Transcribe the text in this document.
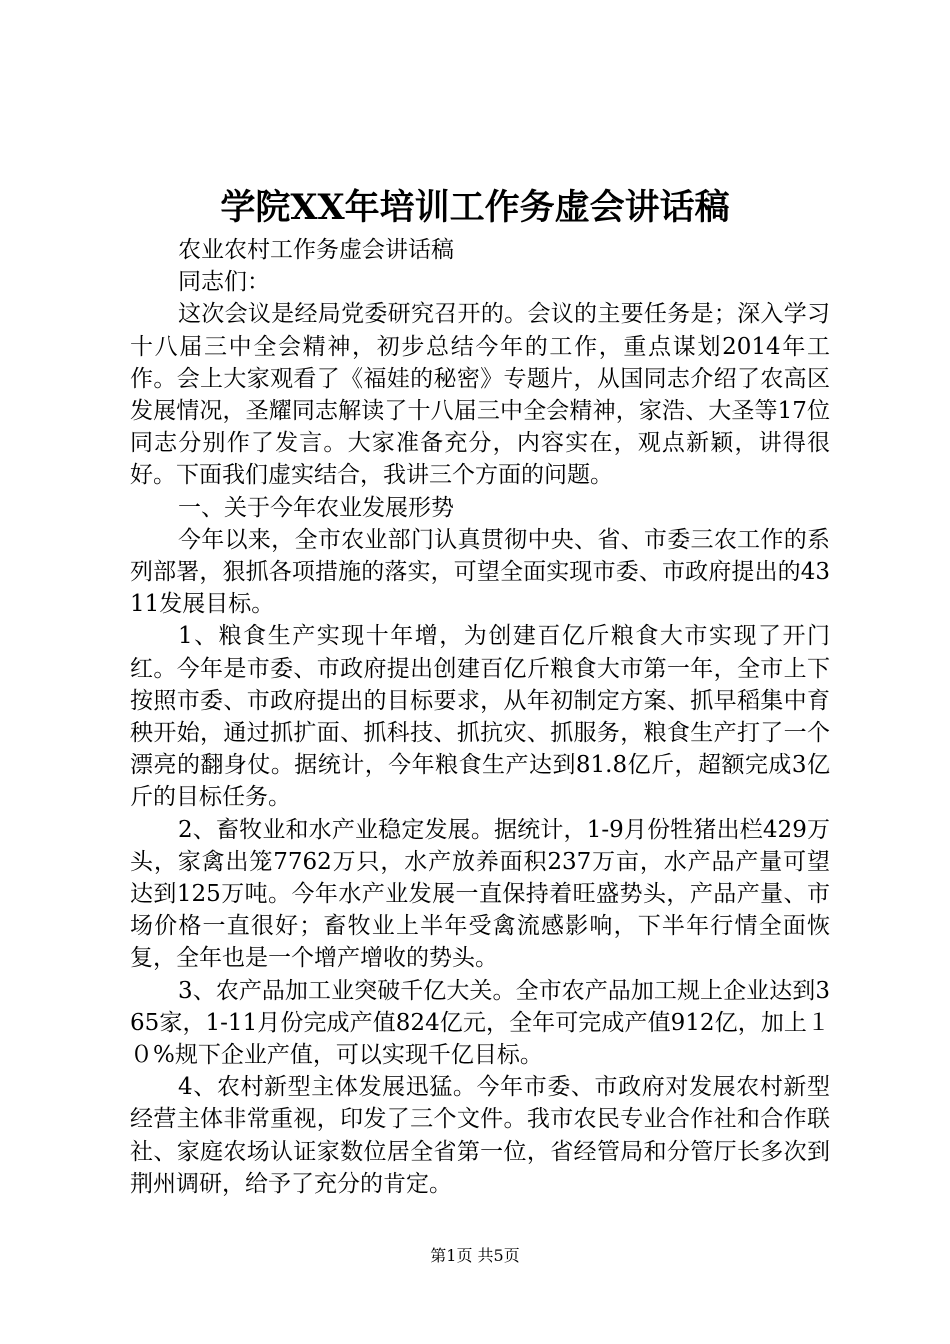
学院XX年培训工作务虚会讲话稿

农业农村工作务虚会讲话稿

同志们：

这次会议是经局党委研究召开的。会议的主要任务是；深入学习十八届三中全会精神，初步总结今年的工作，重点谋划2014年工作。会上大家观看了《福娃的秘密》专题片，从国同志介绍了农高区发展情况，圣耀同志解读了十八届三中全会精神，家浩、大圣等17位同志分别作了发言。大家准备充分，内容实在，观点新颖，讲得很好。下面我们虚实结合，我讲三个方面的问题。

一、关于今年农业发展形势

今年以来，全市农业部门认真贯彻中央、省、市委三农工作的系列部署，狠抓各项措施的落实，可望全面实现市委、市政府提出的4311发展目标。

1、粮食生产实现十年增，为创建百亿斤粮食大市实现了开门红。今年是市委、市政府提出创建百亿斤粮食大市第一年，全市上下按照市委、市政府提出的目标要求，从年初制定方案、抓早稻集中育秧开始，通过抓扩面、抓科技、抓抗灾、抓服务，粮食生产打了一个漂亮的翻身仗。据统计，今年粮食生产达到81.8亿斤，超额完成3亿斤的目标任务。

2、畜牧业和水产业稳定发展。据统计，1-9月份牲猪出栏429万头，家禽出笼7762万只，水产放养面积237万亩，水产品产量可望达到125万吨。今年水产业发展一直保持着旺盛势头，产品产量、市场价格一直很好；畜牧业上半年受禽流感影响，下半年行情全面恢复，全年也是一个增产增收的势头。

3、农产品加工业突破千亿大关。全市农产品加工规上企业达到365家，1-11月份完成产值824亿元，全年可完成产值912亿，加上１０%规下企业产值，可以实现千亿目标。

4、农村新型主体发展迅猛。今年市委、市政府对发展农村新型经营主体非常重视，印发了三个文件。我市农民专业合作社和合作联社、家庭农场认证家数位居全省第一位，省经管局和分管厅长多次到荆州调研，给予了充分的肯定。

第1页 共5页
